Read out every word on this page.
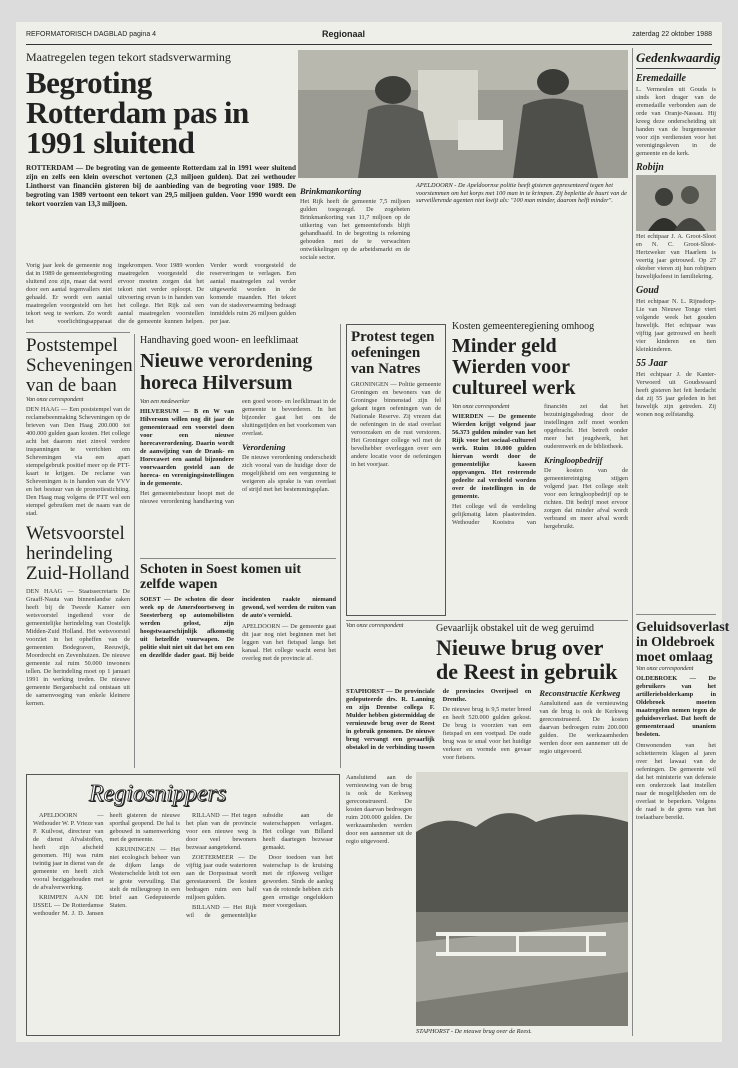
REFORMATORISCH DAGBLAD pagina 4	Regionaal	zaterdag 22 oktober 1988
Maatregelen tegen tekort stadsverwarming
Begroting Rotterdam pas in 1991 sluitend
ROTTERDAM — De begroting van de gemeente Rotterdam zal in 1991 weer sluitend zijn en zelfs een klein overschot vertonen (2,3 miljoen gulden). Dat zei wethouder Linthorst van financiën gisteren bij de aanbieding van de begroting voor 1989. De begroting van 1989 vertoont een tekort van 29,5 miljoen gulden. Voor 1990 wordt een tekort voorzien van 13,3 miljoen.
Vorig jaar leek de gemeente nog dat in 1989 de gemeentebegroting sluitend zou zijn, maar dat werd door een aantal tegenvallers niet gehaald. Er wordt een aantal maatregelen voorgesteld om het tekort weg te werken. Zo wordt het voorlichtingsapparaat ingekrompen. Voor 1989 worden maatregelen voorgesteld die ervoor moeten zorgen dat het tekort niet verder oploopt. De uitvoering ervan is in handen van het college. Het Rijk zal een aantal maatregelen voorstellen die de gemeente kunnen helpen. Verder wordt voorgesteld de reserveringen te verlagen. Een aantal maatregelen zal verder uitgewerkt worden in de komende maanden. Het tekort van de stadsverwarming bedraagt inmiddels ruim 26 miljoen gulden per jaar.
Brinkmankorting
Het Rijk heeft de gemeente 7,5 miljoen gulden toegezegd. De zogeheten Brinkmankorting van 11,7 miljoen op de uitkering van het gemeentefonds blijft gehandhaafd. In de begroting is rekening gehouden met de te verwachten ontwikkelingen op de arbeidsmarkt en de sociale sector.
APELDOORN - De Apeldoornse politie heeft gisteren gepresenteerd tegen het voorstemmen om het korps met 100 man in te krimpen. Zij bepleitte de buurt van de surveillerende agenten niet kwijt als: "100 man minder, daarom helft minder".
Gedenkwaardig
Eremedaille
L. Vermeulen uit Gouda is sinds kort drager van de eremedaille verbonden aan de orde van Oranje-Nassau. Hij kreeg deze onderscheiding uit handen van de burgemeester voor zijn verdiensten voor het verenigingsleven in de gemeente en de kerk.
Robijn
Het echtpaar J. A. Groot-Sloot en N. C. Groot-Sloot-Hertzweker van Haarlem is veertig jaar getrouwd. Op 27 oktober vieren zij hun robijnen huwelijksfeest in familiekring.
Goud
Het echtpaar N. L. Rijnsdorp-Lie van Nieuwe Tonge viert volgende week het gouden huwelijk. Het echtpaar was vijftig jaar getrouwd en heeft vier kinderen en tien kleinkinderen.
55 Jaar
Het echtpaar J. de Kanter-Verwoerd uit Goudswaard heeft gisteren het feit herdacht dat zij 55 jaar geleden in het huwelijk zijn getreden. Zij wonen nog zelfstandig.
Geluidsoverlast in Oldebroek moet omlaag
Van onze correspondent
OLDEBROEK — De gebruikers van het artilleriebolderkamp in Oldebroek moeten maatregelen nemen tegen de geluidsoverlast. Dat heeft de gemeenteraad unaniem besloten.
Omwonenden van het schietterrein klagen al jaren over het lawaai van de oefeningen. De gemeente wil dat het ministerie van defensie een onderzoek laat instellen naar de mogelijkheden om de overlast te beperken. Volgens de raad is de grens van het toelaatbare bereikt.
Poststempel Scheveningen van de baan
Van onze correspondent
DEN HAAG — Een poststempel van de reclamebeenmaking Scheveningen op de brieven van Den Haag 200.000 tot 400.000 gulden gaan kosten. Het college acht het daarom niet zinvol verdere inspanningen te verrichten om Scheveningen via een apart stempelgebruik positief meer op de PTT-kaart te krijgen. De reclame van Scheveningen is in handen van de VVV en het bestuur van de promotiestichting. Den Haag mag volgens de PTT wel een stempel gebruiken met de naam van de stad.
Wetsvoorstel herindeling Zuid-Holland
DEN HAAG — Staatssecretaris De Graaff-Nauta van binnenlandse zaken heeft bij de Tweede Kamer een wetsvoorstel ingediend voor de gemeentelijke herindeling van Oostelijk Midden-Zuid Holland. Het wetsvoorstel voorziet in het opheffen van de gemeenten Bodegraven, Reeuwijk, Moordrecht en Zevenhuizen. De nieuwe gemeente zal ruim 50.000 inwoners tellen. De herindeling moet op 1 januari 1991 in werking treden. De nieuwe gemeente Bergambacht zal ontstaan uit de samenvoeging van enkele kleinere kernen.
Handhaving goed woon- en leefklimaat
Nieuwe verordening horeca Hilversum
Van een medewerker
HILVERSUM — B en W van Hilversum willen nog dit jaar de gemeenteraad een voorstel doen voor een nieuwe horecaverordening. Daarin wordt de aanwijzing van de Drank- en Horecawet een aantal bijzondere voorwaarden gesteld aan de horeca- en verenigingsinstellingen in de gemeente.
Het gemeentebestuur hoopt met de nieuwe verordening handhaving van een goed woon- en leefklimaat in de gemeente te bevorderen. In het bijzonder gaat het om de sluitingstijden en het voorkomen van overlast.
Verordening
De nieuwe verordening onderscheidt zich vooral van de huidige door de mogelijkheid om een vergunning te weigeren als sprake is van overlast of strijd met het bestemmingsplan.
Schoten in Soest komen uit zelfde wapen
SOEST — De schoten die door week op de Amersfoortseweg in Soesterberg op automobilisten werden gelost, zijn hoogstwaarschijnlijk afkomstig uit hetzelfde vuurwapen. De politie sluit niet uit dat het om een en dezelfde dader gaat. Bij beide incidenten raakte niemand gewond, wel werden de ruiten van de auto's vernield.
APELDOORN — De gemeente gaat dit jaar nog niet beginnen met het leggen van het fietspad langs het kanaal. Het college wacht eerst het overleg met de provincie af.
Protest tegen oefeningen van Natres
GRONINGEN — Politie gemeente Groningen en bewoners van de Groningse binnenstad zijn fel gekant tegen oefeningen van de Nationale Reserve. Zij vrezen dat de oefeningen in de stad overlast veroorzaken en de rust verstoren. Het Groninger college wil met de bevelhebber overleggen over een andere locatie voor de oefeningen in het voorjaar.
Kosten gemeenteregiening omhoog
Minder geld Wierden voor cultureel werk
Van onze correspondent
WIERDEN — De gemeente Wierden krijgt volgend jaar 56.373 gulden minder van het Rijk voor het sociaal-cultureel werk. Ruim 10.000 gulden hiervan wordt door de gemeentelijke kassen opgevangen. Het resterende gedeelte zal verdeeld worden over de instellingen in de gemeente.
Het college wil de verdeling gelijkmatig laten plaatsvinden. Wethouder Kooistra van financiën zei dat het bezuinigingsbedrag door de instellingen zelf moet worden opgebracht. Het betreft onder meer het jeugdwerk, het ouderenwerk en de bibliotheek.
Kringloopbedrijf
De kosten van de gemeentereiniging stijgen volgend jaar. Het college stelt voor een kringloopbedrijf op te richten. Dit bedrijf moet ervoor zorgen dat minder afval wordt verbrand en meer afval wordt hergebruikt.
Van onze correspondent	Gevaarlijk obstakel uit de weg geruimd
Nieuwe brug over de Reest in gebruik
STAPHORST — De provinciale gedeputeerde drs. R. Lanning en zijn Drentse collega F. Mulder hebben gistermiddag de vernieuwde brug over de Reest in gebruik genomen. De nieuwe brug vervangt een gevaarlijk obstakel in de verbinding tussen de provincies Overijssel en Drenthe.
De nieuwe brug is 9,5 meter breed en heeft 520.000 gulden gekost. De brug is voorzien van een fietspad en een voetpad. De oude brug was te smal voor het huidige verkeer en vormde een gevaar voor fietsers.
Reconstructie Kerkweg
Aansluitend aan de vernieuwing van de brug is ook de Kerkweg gereconstrueerd. De kosten daarvan bedroegen ruim 200.000 gulden. De werkzaamheden werden door een aannemer uit de regio uitgevoerd.
Regiosnippers

APELDOORN — Wethouder W. P. Vrieze van P. Kuilvost, directeur van de dienst Afvalstoffen, heeft zijn afscheid genomen. Hij was ruim twintig jaar in dienst van de gemeente en heeft zich vooral beziggehouden met de afvalverwerking.

KRIMPEN AAN DE IJSSEL — De Rotterdamse wethouder M. J. D. Jansen heeft gisteren de nieuwe sporthal geopend. De hal is gebouwd in samenwerking met de gemeente.

KRUININGEN — Het niet ecologisch beheer van de dijken langs de Westerschelde leidt tot een te grote vervuiling. Dat stelt de milieugroep in een brief aan Gedeputeerde Staten.

RILLAND — Het tegen het plan van de provincie voor een nieuwe weg is door veel bewoners bezwaar aangetekend.

ZOETERMEER — De vijftig jaar oude watertoren aan de Dorpsstraat wordt gerestaureerd. De kosten bedragen ruim een half miljoen gulden.

BILLAND — Het Rijk wil de gemeentelijke subsidie aan de waterschappen verlagen. Het college van Billand heeft daartegen bezwaar gemaakt.

Door toedoen van het waterschap is de kruising met de rijksweg veiliger geworden. Sinds de aanleg van de rotonde hebben zich geen ernstige ongelukken meer voorgedaan.

STAPHORST - De nieuwe brug over de Reest.
Aansluitend aan de vernieuwing van de brug is ook de Kerkweg gereconstrueerd. De kosten daarvan bedroegen ruim 200.000 gulden. De werkzaamheden werden door een aannemer uit de regio uitgevoerd.
